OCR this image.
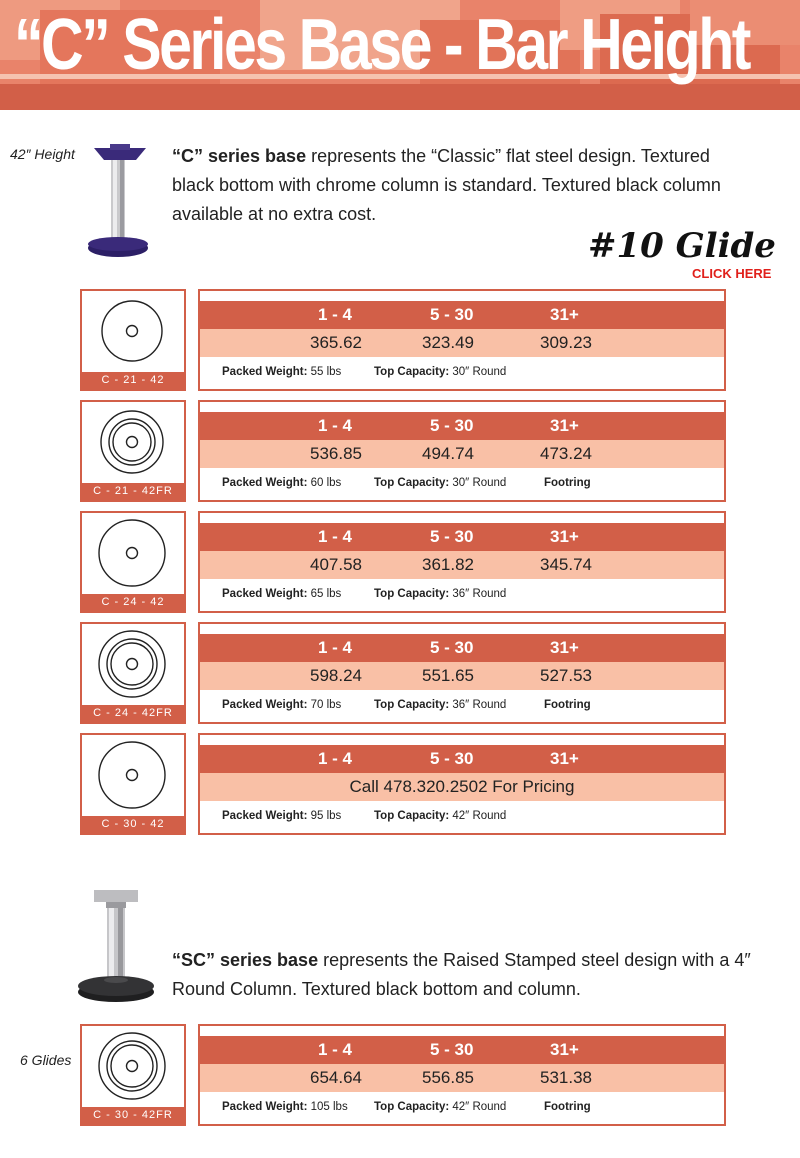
“C” Series Base - Bar Height
42″ Height	“C” series base represents the “Classic” flat steel design. Textured black bottom with chrome column is standard. Textured black column available at no extra cost.
#10 Glide
CLICK HERE
C - 21 - 42
1 - 4	5 - 30	31+
365.62	323.49	309.23
Packed Weight: 55 lbs	Top Capacity: 30″ Round
C - 21 - 42FR
1 - 4	5 - 30	31+
536.85	494.74	473.24
Packed Weight: 60 lbs	Top Capacity: 30″ Round	Footring
C - 24 - 42
1 - 4	5 - 30	31+
407.58	361.82	345.74
Packed Weight: 65 lbs	Top Capacity: 36″ Round
C - 24 - 42FR
1 - 4	5 - 30	31+
598.24	551.65	527.53
Packed Weight: 70 lbs	Top Capacity: 36″ Round	Footring
C - 30 - 42
1 - 4	5 - 30	31+
Call 478.320.2502 For Pricing
Packed Weight: 95 lbs	Top Capacity: 42″ Round
C - 30 - 42FR
1 - 4	5 - 30	31+
654.64	556.85	531.38
Packed Weight: 105 lbs Top Capacity: 42″ Round	Footring
“SC” series base represents the Raised Stamped steel design with a 4″ Round Column. Textured black bottom and column.
6 Glides
